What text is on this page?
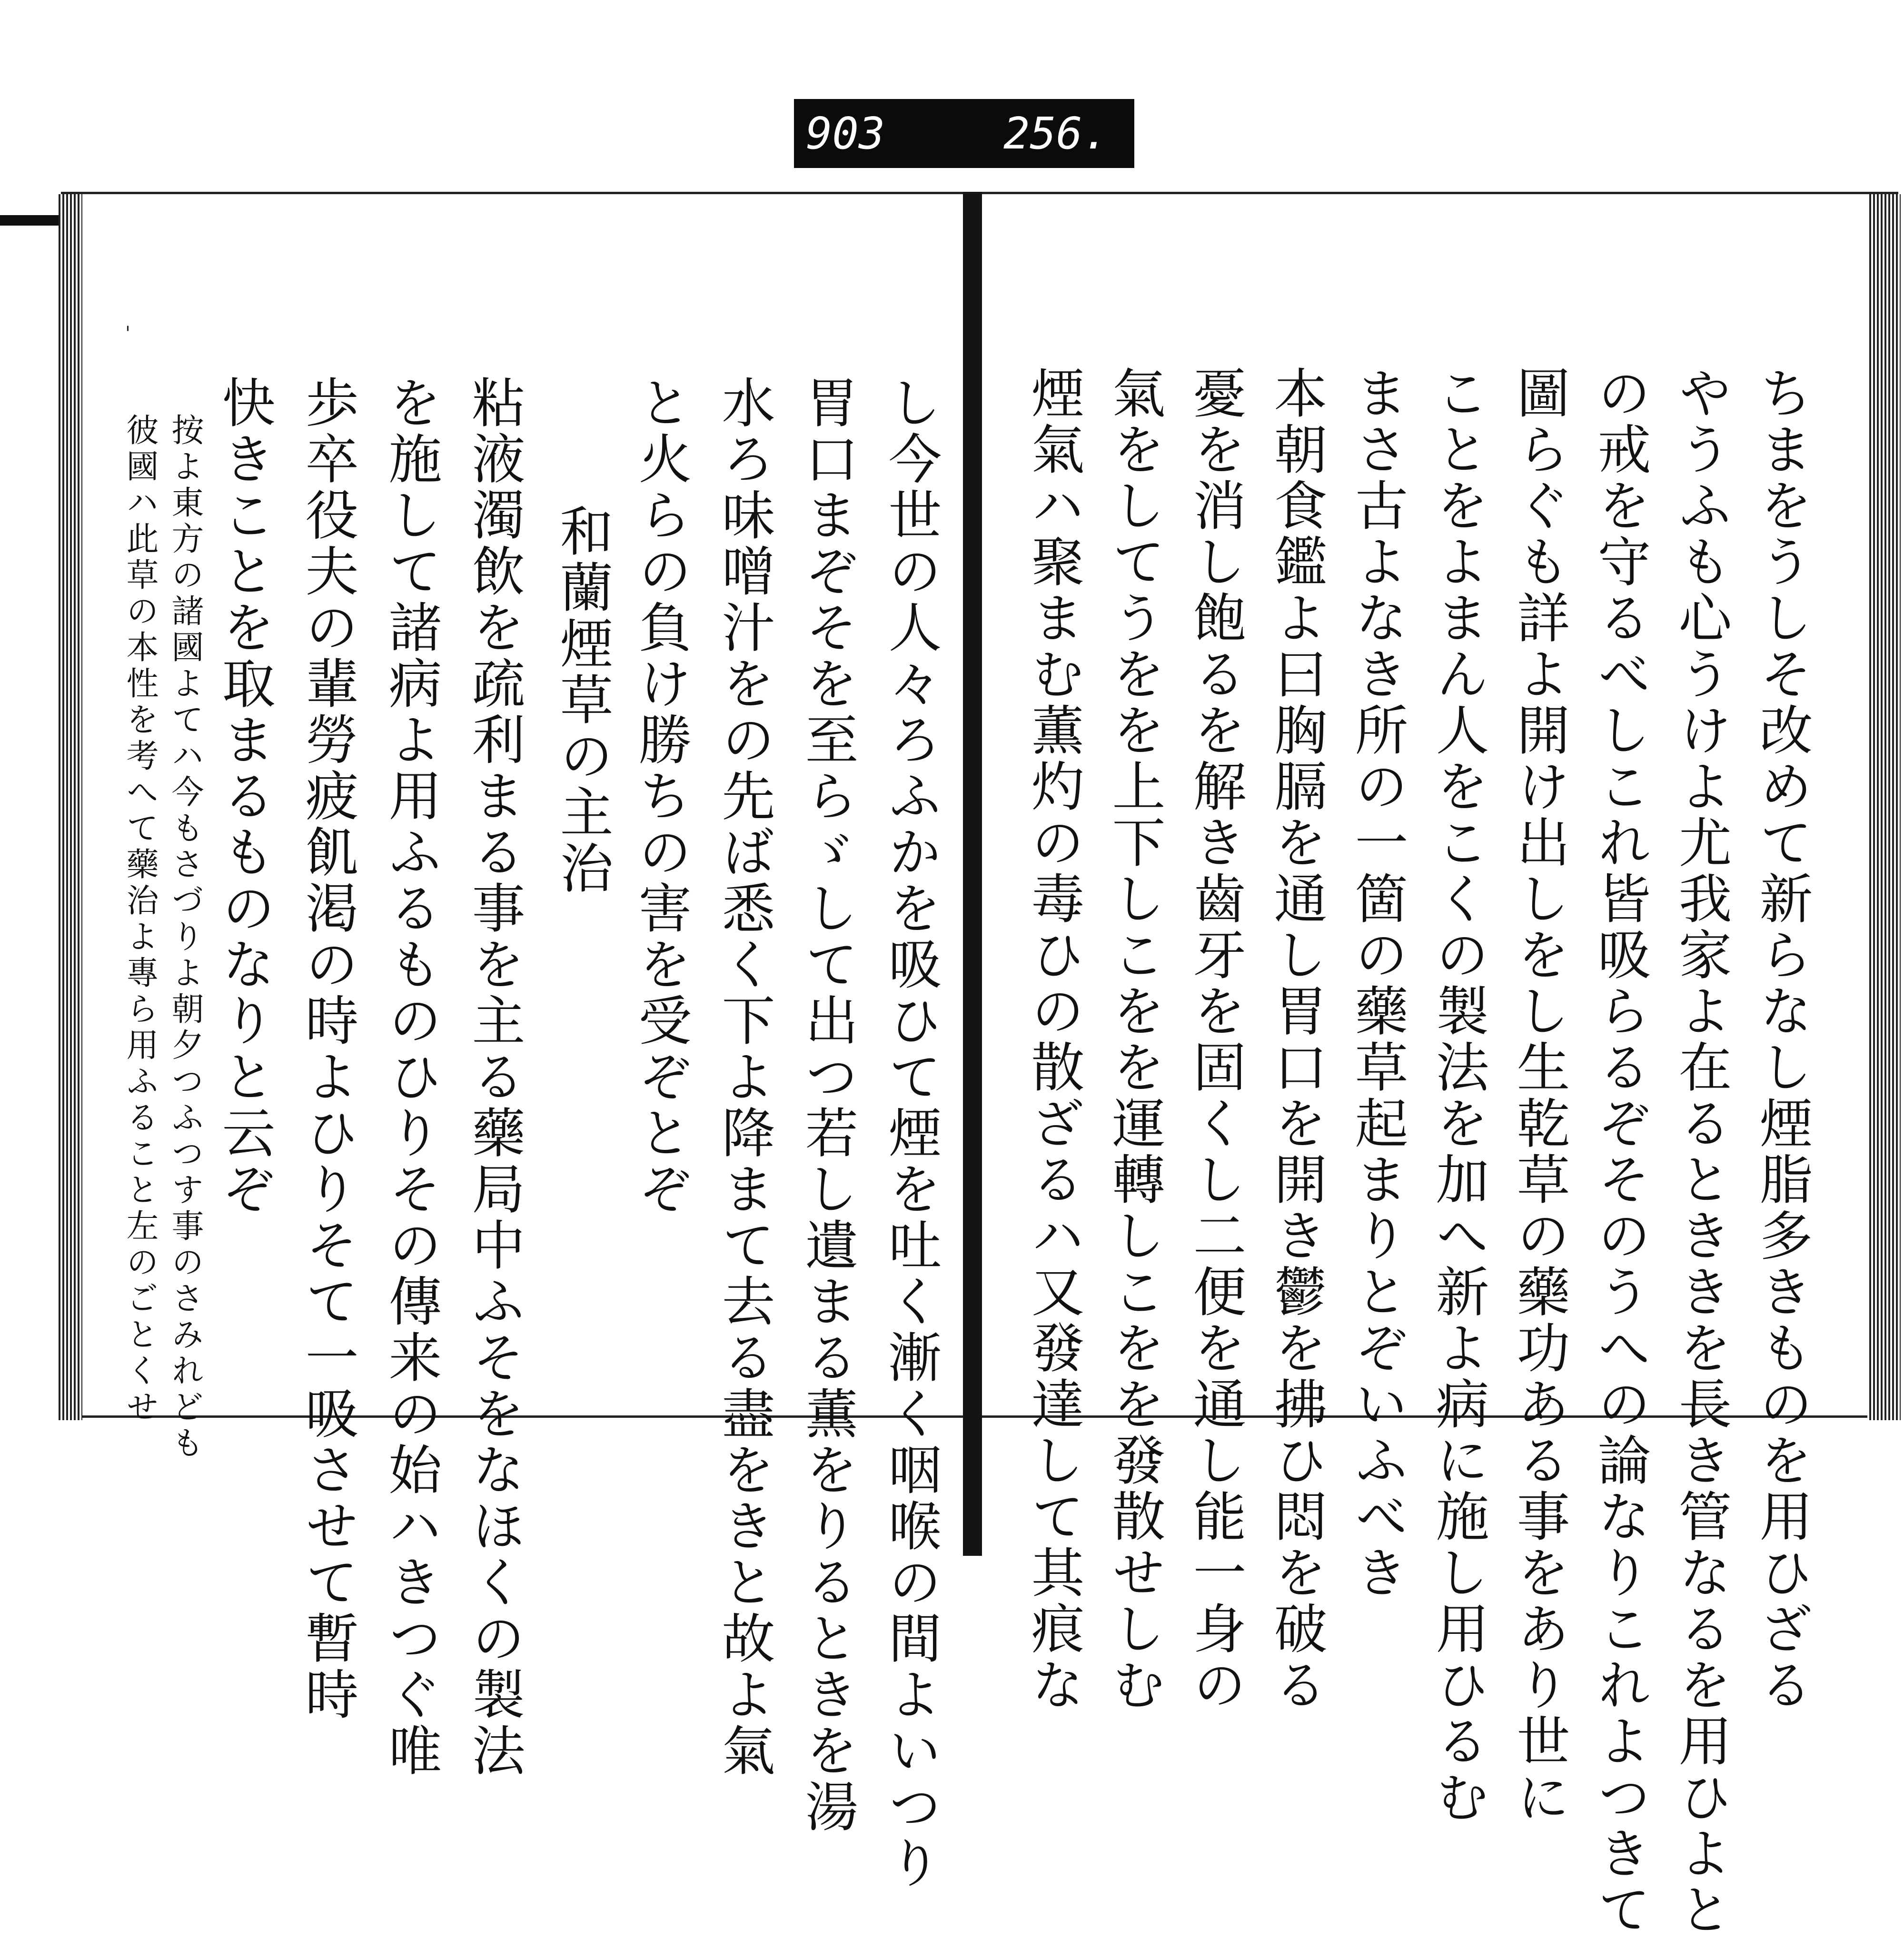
903	256.
し今世の人々ろふかを吸ひて煙を吐く漸く咽喉の間よいつり
胃口まぞそを至らゞして出つ若し遺まる薫をりるときを湯
水ろ味噌汁をの先ば悉く下よ降まて去る盡をきと故よ氣
と火らの負け勝ちの害を受ぞとぞ
和蘭煙草の主治
粘液濁飲を疏利まる事を主る藥局中ふそをなほくの製法
を施して諸病よ用ふるものひりその傳来の始ハきつぐ唯
歩卒役夫の輩勞疲飢渇の時よひりそて一吸させて暫時
快きことを取まるものなりと云ぞ
按よ東方の諸國よてハ今もさづりよ朝夕つふつす事のさみれども
彼國ハ此草の本性を考へて藥治よ專ら用ふること左のごとくせ
'
ちまをうしそ改めて新らなし煙脂多きものを用ひざる
やうふも心うけよ尤我家よ在るとききを長き管なるを用ひよと
の戒を守るべしこれ皆吸らるぞそのうへの論なりこれよつきて
圖らぐも詳よ開け出しをし生乾草の藥功ある事をあり世に
ことをよまん人をこくの製法を加へ新よ病に施し用ひるむ
まさ古よなき所の一箇の藥草起まりとぞいふべき
本朝食鑑よ曰胸膈を通し胃口を開き鬱を拂ひ悶を破る
憂を消し飽るを解き齒牙を固くし二便を通し能一身の
氣をしてうをを上下しこをを運轉しこをを發散せしむ
煙氣ハ聚まむ薫灼の毒ひの散ざるハ又發達して其痕な
